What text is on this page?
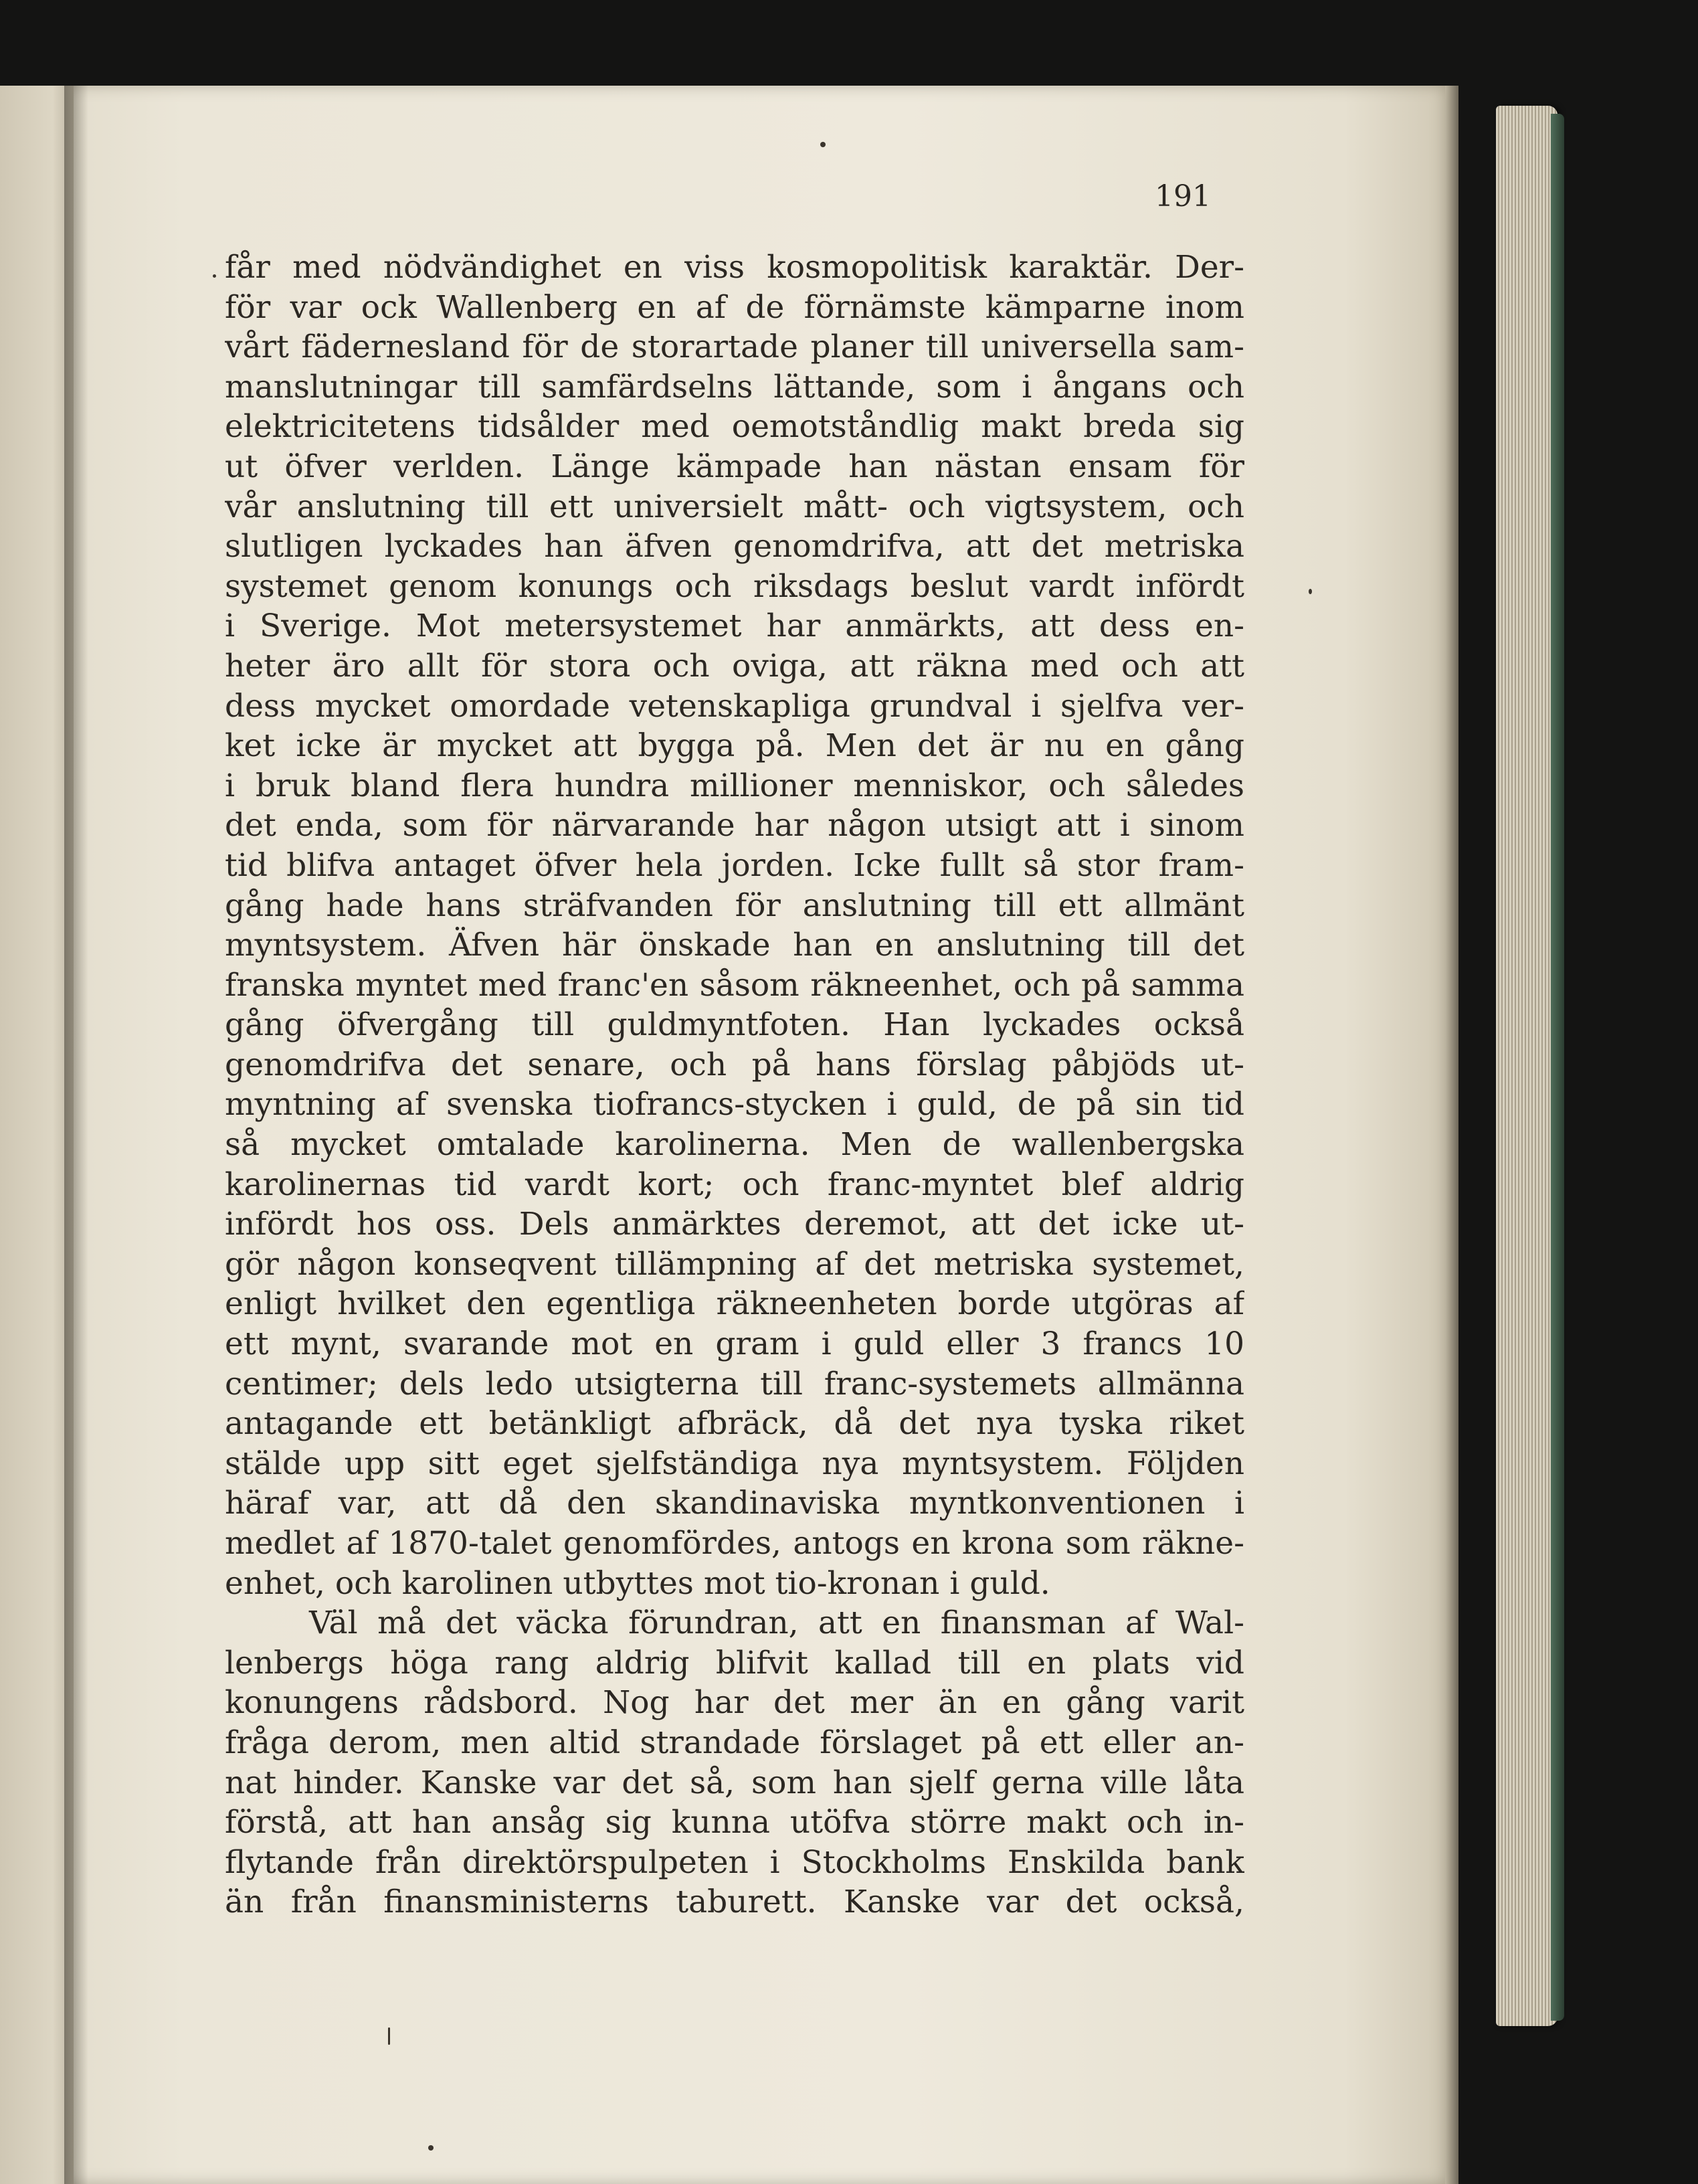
191
får med nödvändighet en viss kosmopolitisk karaktär. Der-
för var ock Wallenberg en af de förnämste kämparne inom
vårt fädernesland för de storartade planer till universella sam-
manslutningar till samfärdselns lättande, som i ångans och
elektricitetens tidsålder med oemotståndlig makt breda sig
ut öfver verlden. Länge kämpade han nästan ensam för
vår anslutning till ett universielt mått- och vigtsystem, och
slutligen lyckades han äfven genomdrifva, att det metriska
systemet genom konungs och riksdags beslut vardt infördt
i Sverige. Mot metersystemet har anmärkts, att dess en-
heter äro allt för stora och oviga, att räkna med och att
dess mycket omordade vetenskapliga grundval i sjelfva ver-
ket icke är mycket att bygga på. Men det är nu en gång
i bruk bland flera hundra millioner menniskor, och således
det enda, som för närvarande har någon utsigt att i sinom
tid blifva antaget öfver hela jorden. Icke fullt så stor fram-
gång hade hans sträfvanden för anslutning till ett allmänt
myntsystem. Äfven här önskade han en anslutning till det
franska myntet med franc'en såsom räkneenhet, och på samma
gång öfvergång till guldmyntfoten. Han lyckades också
genomdrifva det senare, och på hans förslag påbjöds ut-
myntning af svenska tiofrancs-stycken i guld, de på sin tid
så mycket omtalade karolinerna. Men de wallenbergska
karolinernas tid vardt kort; och franc-myntet blef aldrig
infördt hos oss. Dels anmärktes deremot, att det icke ut-
gör någon konseqvent tillämpning af det metriska systemet,
enligt hvilket den egentliga räkneenheten borde utgöras af
ett mynt, svarande mot en gram i guld eller 3 francs 10
centimer; dels ledo utsigterna till franc-systemets allmänna
antagande ett betänkligt afbräck, då det nya tyska riket
stälde upp sitt eget sjelfständiga nya myntsystem. Följden
häraf var, att då den skandinaviska myntkonventionen i
medlet af 1870-talet genomfördes, antogs en krona som räkne-
enhet, och karolinen utbyttes mot tio-kronan i guld.
Väl må det väcka förundran, att en finansman af Wal-
lenbergs höga rang aldrig blifvit kallad till en plats vid
konungens rådsbord. Nog har det mer än en gång varit
fråga derom, men altid strandade förslaget på ett eller an-
nat hinder. Kanske var det så, som han sjelf gerna ville låta
förstå, att han ansåg sig kunna utöfva större makt och in-
flytande från direktörspulpeten i Stockholms Enskilda bank
än från finansministerns taburett. Kanske var det också,
